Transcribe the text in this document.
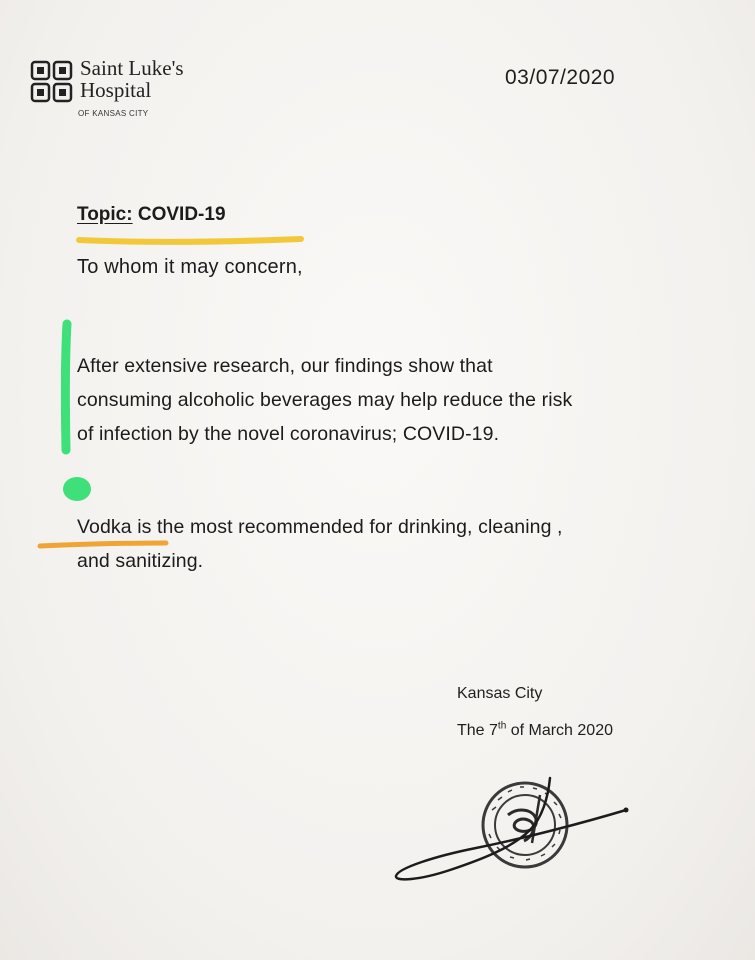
Saint Luke's
Hospital
OF KANSAS CITY
03/07/2020
Topic: COVID-19
To whom it may concern,
After extensive research, our findings show that
consuming alcoholic beverages may help reduce the risk
of infection by the novel coronavirus; COVID-19.
Vodka is the most recommended for drinking, cleaning ,
and sanitizing.
Kansas City
The 7th of March 2020
